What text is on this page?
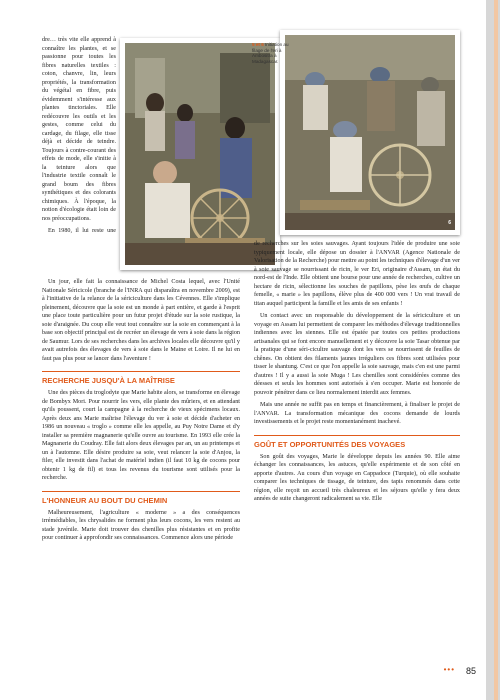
6
5 et 6 Initiation au filage de l'eri à Ambositra à Madagascar.

dre… très vite elle apprend à connaître les plantes, et se passionne pour toutes les fibres naturelles textiles : coton, chanvre, lin, leurs propriétés, la transformation du végétal en fibre, puis évidemment s'intéresse aux plantes tinctoriales. Elle redécouvre les outils et les gestes, comme celui du cardage, du filage, elle tisse déjà et décide de teindre. Toujours à contre-courant des effets de mode, elle s'initie à la teinture alors que l'industrie textile connaît le grand boum des fibres synthétiques et des colorants chimiques. À l'époque, la notion d'écologie était loin de nos préoccupations.

En 1980, il lui reste une

Un jour, elle fait la connaissance de Michel Costa lequel, avec l'Unité Nationale Séricicole (branche de l'INRA qui disparaîtra en novembre 2009), est à l'initiative de la relance de la sériciculture dans les Cévennes. Elle s'implique pleinement, découvre que la soie est un monde à part entière, et garde à l'esprit une place toute particulière pour un futur projet d'étude sur la soie rustique, la soie d'araignée. Du coup elle veut tout connaître sur la soie en commençant à la base son objectif principal est de recréer un élevage de vers à soie dans la région de Saumur. Lors de ses recherches dans les archives locales elle découvre qu'il y avait autrefois des élevages de vers à soie dans le Maine et Loire. Il ne lui en faut pas plus pour se lancer dans l'aventure !

RECHERCHE JUSQU'À LA MAÎTRISE

Une des pièces du troglodyte que Marie habite alors, se transforme en élevage de Bombyx Mori. Pour nourrir les vers, elle plante des mûriers, et en attendant qu'ils poussent, court la campagne à la recherche de vieux spécimens locaux. Après deux ans Marie maîtrise l'élevage du ver à soie et décide d'acheter en 1986 un nouveau « troglo » comme elle les appelle, au Puy Notre Dame et d'y installer sa première magnanerie qu'elle ouvre au tourisme. En 1993 elle crée la Magnanerie du Coudray. Elle fait alors deux élevages par an, un au printemps et un à l'automne. Elle désire produire sa soie, veut relancer la soie d'Anjou, la filer, elle investit dans l'achat de matériel indien (il faut 10 kg de cocons pour obtenir 1 kg de fil) et tous les revenus du tourisme sont utilisés pour la recherche.

L'HONNEUR AU BOUT DU CHEMIN

Malheureusement, l'agriculture « moderne » a des conséquences irrémédiables, les chrysalides ne forment plus leurs cocons, les vers restent au stade juvénile. Marie doit trouver des chenilles plus résistantes et en profite pour continuer à approfondir ses connaissances. Commence alors une période

de recherches sur les soies sauvages. Ayant toujours l'idée de produire une soie typiquement locale, elle dépose un dossier à l'ANVAR (Agence Nationale de Valorisation de la Recherche) pour mettre au point les techniques d'élevage d'un ver à soie sauvage se nourrissant de ricin, le ver Eri, originaire d'Assam, un état du nord-est de l'Inde. Elle obtient une bourse pour une année de recherches, cultive un hectare de ricin, sélectionne les souches de papillons, pèse les œufs de chaque femelle, « marie » les papillons, élève plus de 400 000 vers ! Un vrai travail de titan auquel participent la famille et les amis de ses enfants !

Un contact avec un responsable du développement de la sériciculture et un voyage en Assam lui permettent de comparer les méthodes d'élevage traditionnelles indiennes avec les siennes. Elle est épatée par toutes ces petites productions artisanales qui se font encore manuellement et y découvre la soie Tasar obtenue par la pratique d'une séri-cicultre sauvage dont les vers se nourrissent de feuilles de chênes. On obtient des filaments jaunes irréguliers ces fibres sont utilisées pour tisser le shantung. C'est ce que l'on appelle la soie sauvage, mais c'en est une parmi d'autres ! Il y a aussi la soie Muga ! Les chenilles sont considérées comme des déesses et seuls les hommes sont autorisés à s'en occuper. Marie est honorée de pouvoir pénétrer dans ce lieu normalement interdit aux femmes.

Mais une année ne suffit pas en temps et financièrement, à finaliser le projet de l'ANVAR. La transformation mécanique des cocons demande de lourds investissements et le projet reste momentanément inachevé.

GOÛT ET OPPORTUNITÉS DES VOYAGES

Son goût des voyages, Marie le développe depuis les années 90. Elle aime échanger les connaissances, les astuces, qu'elle expérimente et de son côté en apporte d'autres. Au cours d'un voyage en Cappadoce (Turquie), où elle souhaite comparer les techniques de tissage, de teinture, des tapis renommés dans cette région, elle reçoit un accueil très chaleureux et les séjours qu'elle y fera deux années de suite changeront radicalement sa vie. Elle

••• 85
